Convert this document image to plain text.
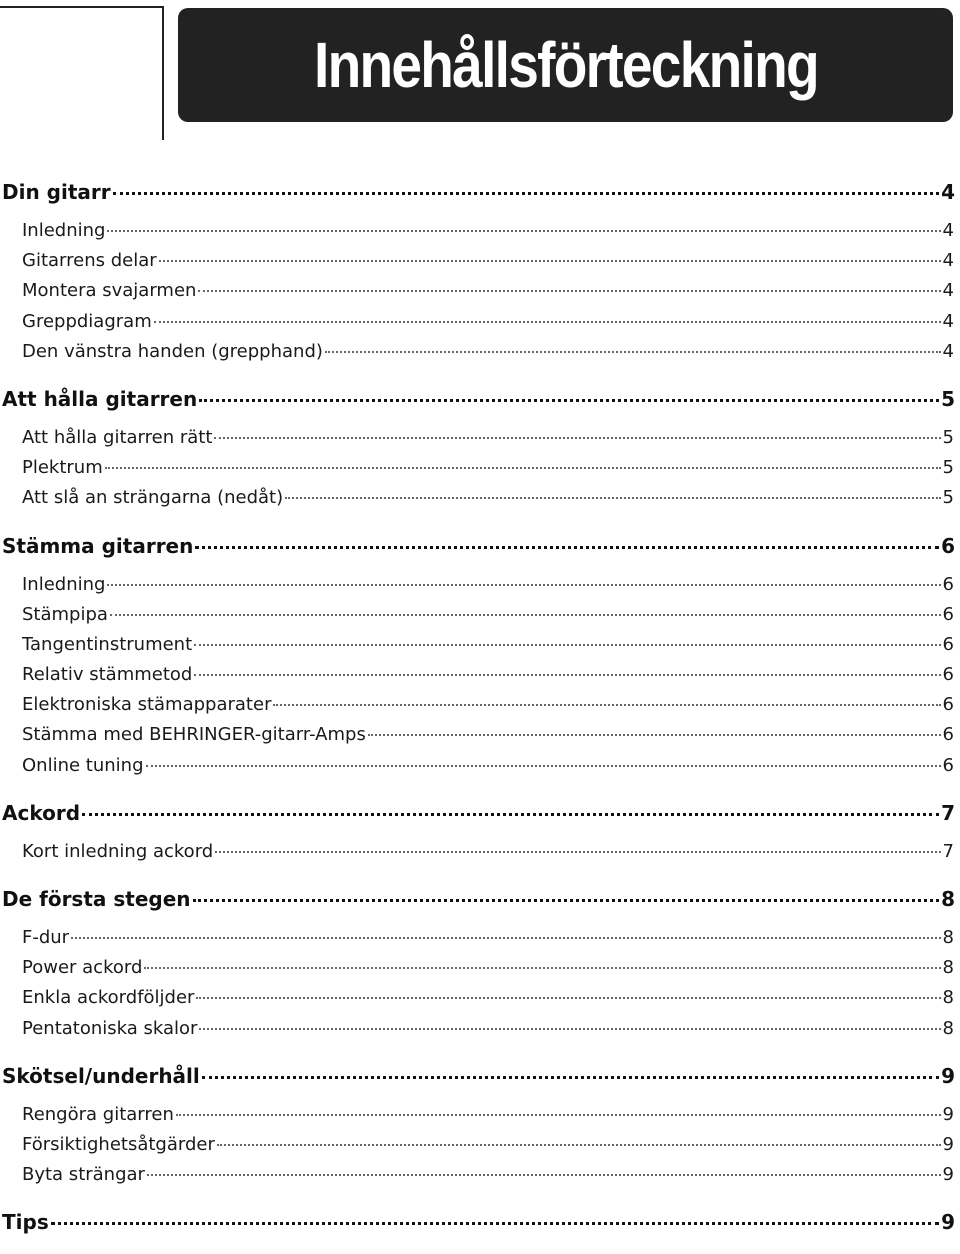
Innehållsförteckning
Din gitarr	4
Inledning	4
Gitarrens delar	4
Montera svajarmen	4
Greppdiagram	4
Den vänstra handen (grepphand)	4
Att hålla gitarren	5
Att hålla gitarren rätt	5
Plektrum	5
Att slå an strängarna (nedåt)	5
Stämma gitarren	6
Inledning	6
Stämpipa	6
Tangentinstrument	6
Relativ stämmetod	6
Elektroniska stämapparater	6
Stämma med BEHRINGER-gitarr-Amps	6
Online tuning	6
Ackord	7
Kort inledning ackord	7
De första stegen	8
F-dur	8
Power ackord	8
Enkla ackordföljder	8
Pentatoniska skalor	8
Skötsel/underhåll	9
Rengöra gitarren	9
Försiktighetsåtgärder	9
Byta strängar	9
Tips	9
